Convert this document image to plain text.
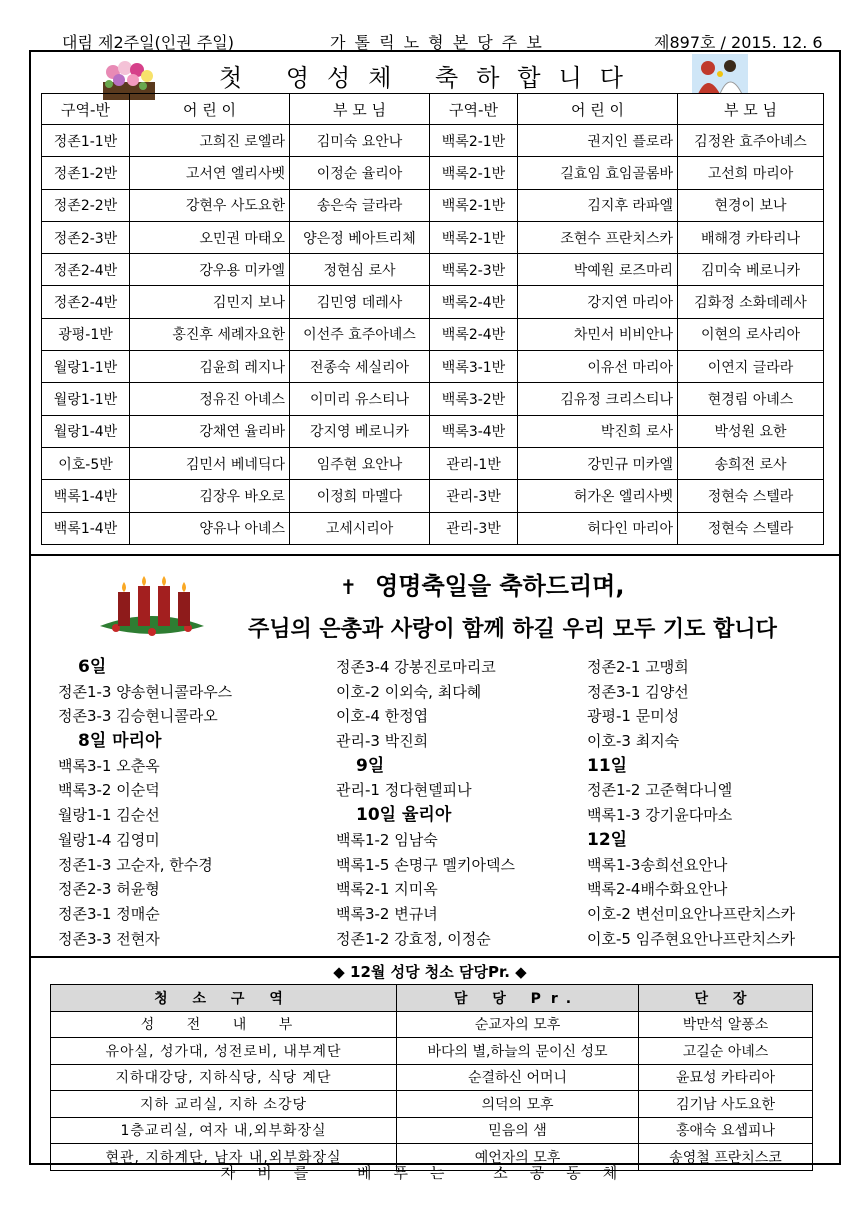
대림 제2주일(인권 주일)	가 톨 릭 노 형 본 당 주 보	제897호 / 2015. 12. 6
첫 영성체 축하합니다
구역-반	어 린 이	부 모 님	구역-반	어 린 이	부 모 님
정존1-1반	고희진 로엘라	김미숙 요안나	백록2-1반	권지인 플로라	김정완 효주아녜스
정존1-2반	고서연 엘리사벳	이정순 율리아	백록2-1반	길효임 효임골롬바	고선희 마리아
정존2-2반	강현우 사도요한	송은숙 글라라	백록2-1반	김지후 라파엘	현경이 보나
정존2-3반	오민권 마태오	양은정 베아트리체	백록2-1반	조현수 프란치스카	배해경 카타리나
정존2-4반	강우용 미카엘	정현심 로사	백록2-3반	박예원 로즈마리	김미숙 베로니카
정존2-4반	김민지 보나	김민영 데레사	백록2-4반	강지연 마리아	김화정 소화데레사
광평-1반	홍진후 세례자요한	이선주 효주아녜스	백록2-4반	차민서 비비안나	이현의 로사리아
월랑1-1반	김윤희 레지나	전종숙 세실리아	백록3-1반	이유선 마리아	이연지 글라라
월랑1-1반	정유진 아녜스	이미리 유스티나	백록3-2반	김유정 크리스티나	현경림 아녜스
월랑1-4반	강채연 율리바	강지영 베로니카	백록3-4반	박진희 로사	박성원 요한
이호-5반	김민서 베네딕다	임주현 요안나	관리-1반	강민규 미카엘	송희전 로사
백록1-4반	김장우 바오로	이정희 마멜다	관리-3반	허가온 엘리사벳	정현숙 스텔라
백록1-4반	양유나 아녜스	고세시리아	관리-3반	허다인 마리아	정현숙 스텔라
✝ 영명축일을 축하드리며,
주님의 은총과 사랑이 함께 하길 우리 모두 기도 합니다
6일
정존1-3 양송현니콜라우스
정존3-3 김승현니콜라오
8일 마리아
백록3-1 오춘옥
백록3-2 이순덕
월랑1-1 김순선
월랑1-4 김영미
정존1-3 고순자, 한수경
정존2-3 허윤형
정존3-1 정매순
정존3-3 전현자
정존3-4 강봉진로마리코
이호-2 이외숙, 최다혜
이호-4 한정엽
관리-3 박진희
9일
관리-1 정다현델피나
10일 율리아
백록1-2 임남숙
백록1-5 손명구 멜키아덱스
백록2-1 지미옥
백록3-2 변규녀
정존1-2 강효정, 이정순
정존2-1 고맹희
정존3-1 김양선
광평-1 문미성
이호-3 최지숙
11일
정존1-2 고준혁다니엘
백록1-3 강기윤다마소
12일
백록1-3송희선요안나
백록2-4배수화요안나
이호-2 변선미요안나프란치스카
이호-5 임주현요안나프란치스카
◆ 12월 성당 청소 담당Pr. ◆
청 소 구 역	담 당 Pr.	단 장
성 전 내 부	순교자의 모후	박만석 알퐁소
유아실, 성가대, 성전로비, 내부계단	바다의 별,하늘의 문이신 성모	고길순 아녜스
지하대강당, 지하식당, 식당 계단	순결하신 어머니	윤묘성 카타리아
지하 교리실, 지하 소강당	의덕의 모후	김기남 사도요한
1층교리실, 여자 내,외부화장실	믿음의 샘	홍애숙 요셉피나
현관, 지하계단, 남자 내,외부화장실	예언자의 모후	송영철 프란치스코
자비를 베푸는 소공동체
